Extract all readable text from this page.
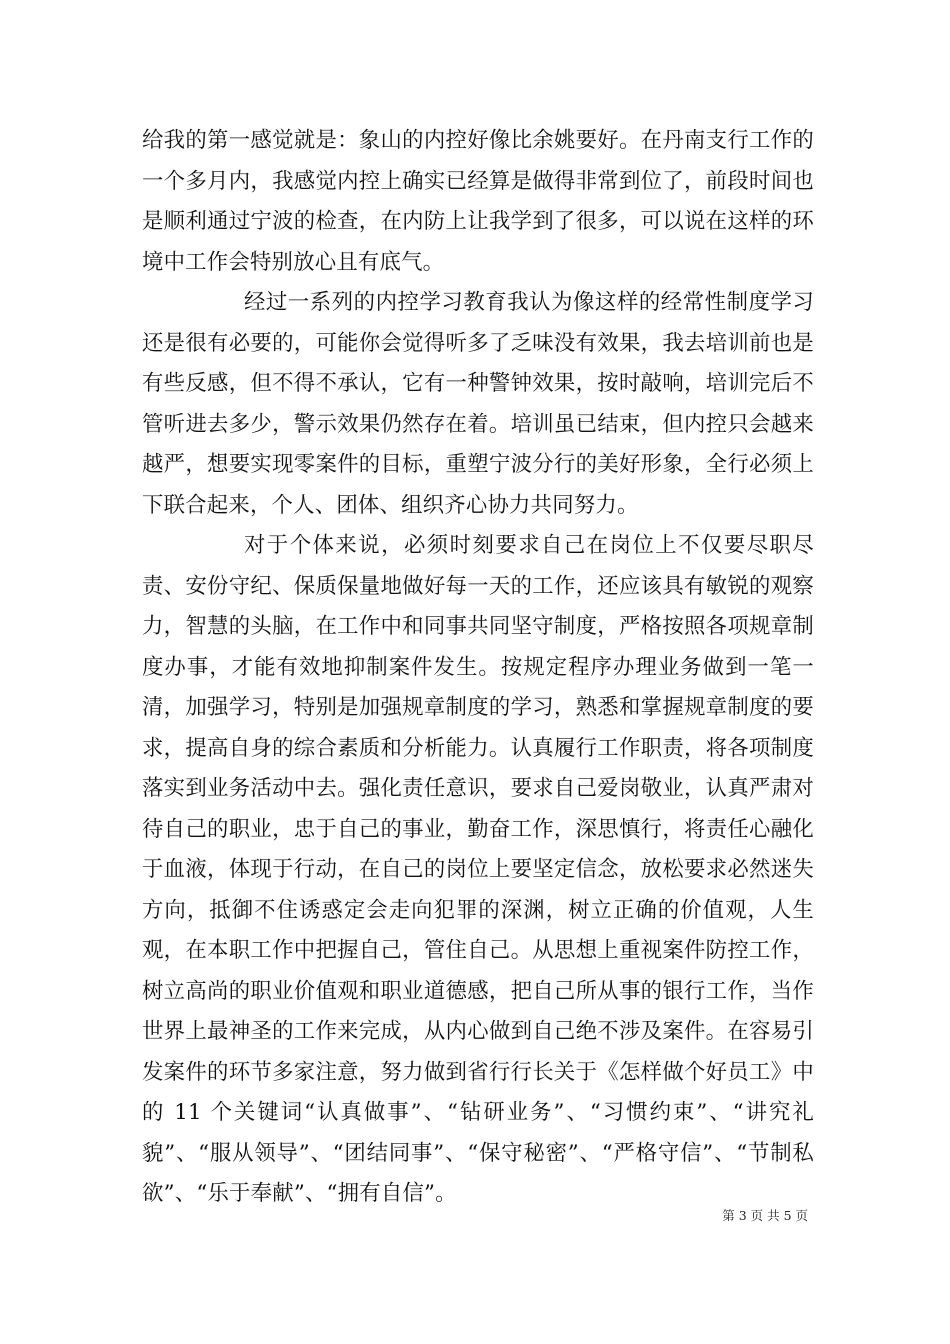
给我的第一感觉就是：象山的内控好像比余姚要好。在丹南支行工作的一个多月内，我感觉内控上确实已经算是做得非常到位了，前段时间也是顺利通过宁波的检查，在内防上让我学到了很多，可以说在这样的环境中工作会特别放心且有底气。

经过一系列的内控学习教育我认为像这样的经常性制度学习还是很有必要的，可能你会觉得听多了乏味没有效果，我去培训前也是有些反感，但不得不承认，它有一种警钟效果，按时敲响，培训完后不管听进去多少，警示效果仍然存在着。培训虽已结束，但内控只会越来越严，想要实现零案件的目标，重塑宁波分行的美好形象，全行必须上下联合起来，个人、团体、组织齐心协力共同努力。

对于个体来说，必须时刻要求自己在岗位上不仅要尽职尽责、安份守纪、保质保量地做好每一天的工作，还应该具有敏锐的观察力，智慧的头脑，在工作中和同事共同坚守制度，严格按照各项规章制度办事，才能有效地抑制案件发生。按规定程序办理业务做到一笔一清，加强学习，特别是加强规章制度的学习，熟悉和掌握规章制度的要求，提高自身的综合素质和分析能力。认真履行工作职责，将各项制度落实到业务活动中去。强化责任意识，要求自己爱岗敬业，认真严肃对待自己的职业，忠于自己的事业，勤奋工作，深思慎行，将责任心融化于血液，体现于行动，在自己的岗位上要坚定信念，放松要求必然迷失方向，抵御不住诱惑定会走向犯罪的深渊，树立正确的价值观，人生观，在本职工作中把握自己，管住自己。从思想上重视案件防控工作，树立高尚的职业价值观和职业道德感，把自己所从事的银行工作，当作世界上最神圣的工作来完成，从内心做到自己绝不涉及案件。在容易引发案件的环节多家注意，努力做到省行行长关于《怎样做个好员工》中的 11 个关键词“认真做事”、“钻研业务”、“习惯约束”、“讲究礼貌”、“服从领导”、“团结同事”、“保守秘密”、“严格守信”、“节制私欲”、“乐于奉献”、“拥有自信”。

第 3 页 共 5 页
